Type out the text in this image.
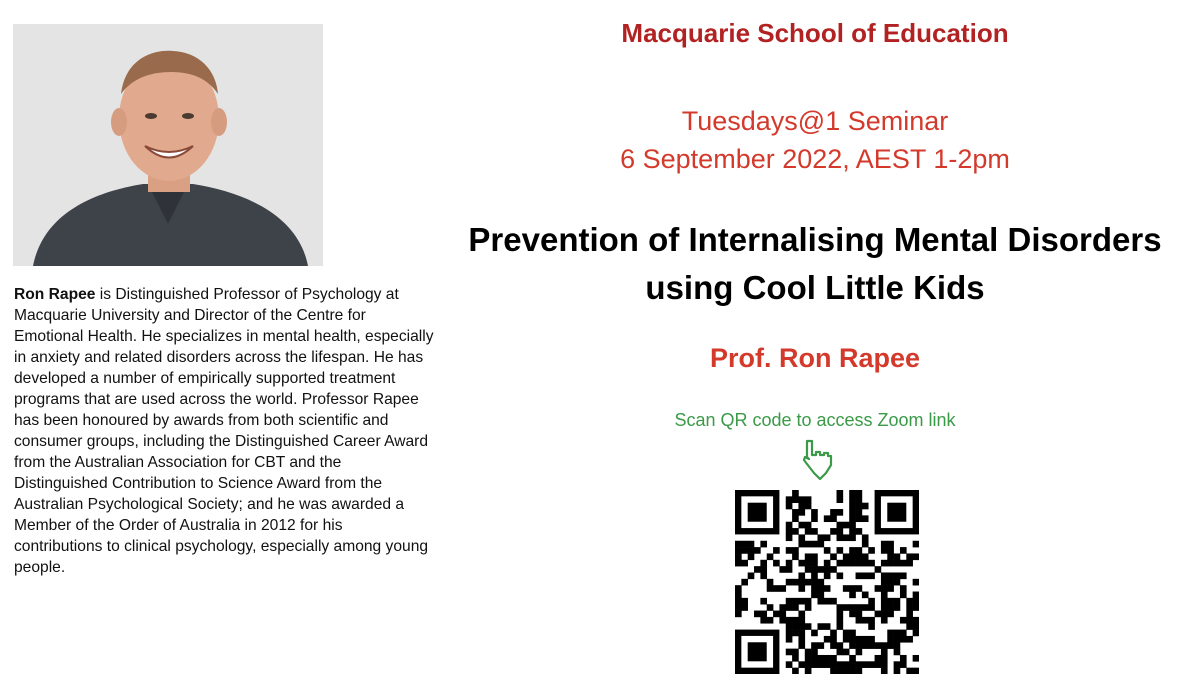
Ron Rapee is Distinguished Professor of Psychology at Macquarie University and Director of the Centre for Emotional Health. He specializes in mental health, especially in anxiety and related disorders across the lifespan. He has developed a number of empirically supported treatment programs that are used across the world. Professor Rapee has been honoured by awards from both scientific and consumer groups, including the Distinguished Career Award from the Australian Association for CBT and the Distinguished Contribution to Science Award from the Australian Psychological Society; and he was awarded a Member of the Order of Australia in 2012 for his contributions to clinical psychology, especially among young people.
Macquarie School of Education
Tuesdays@1 Seminar
6 September 2022, AEST 1-2pm
Prevention of Internalising Mental Disorders
using Cool Little Kids
Prof. Ron Rapee
Scan QR code to access Zoom link
